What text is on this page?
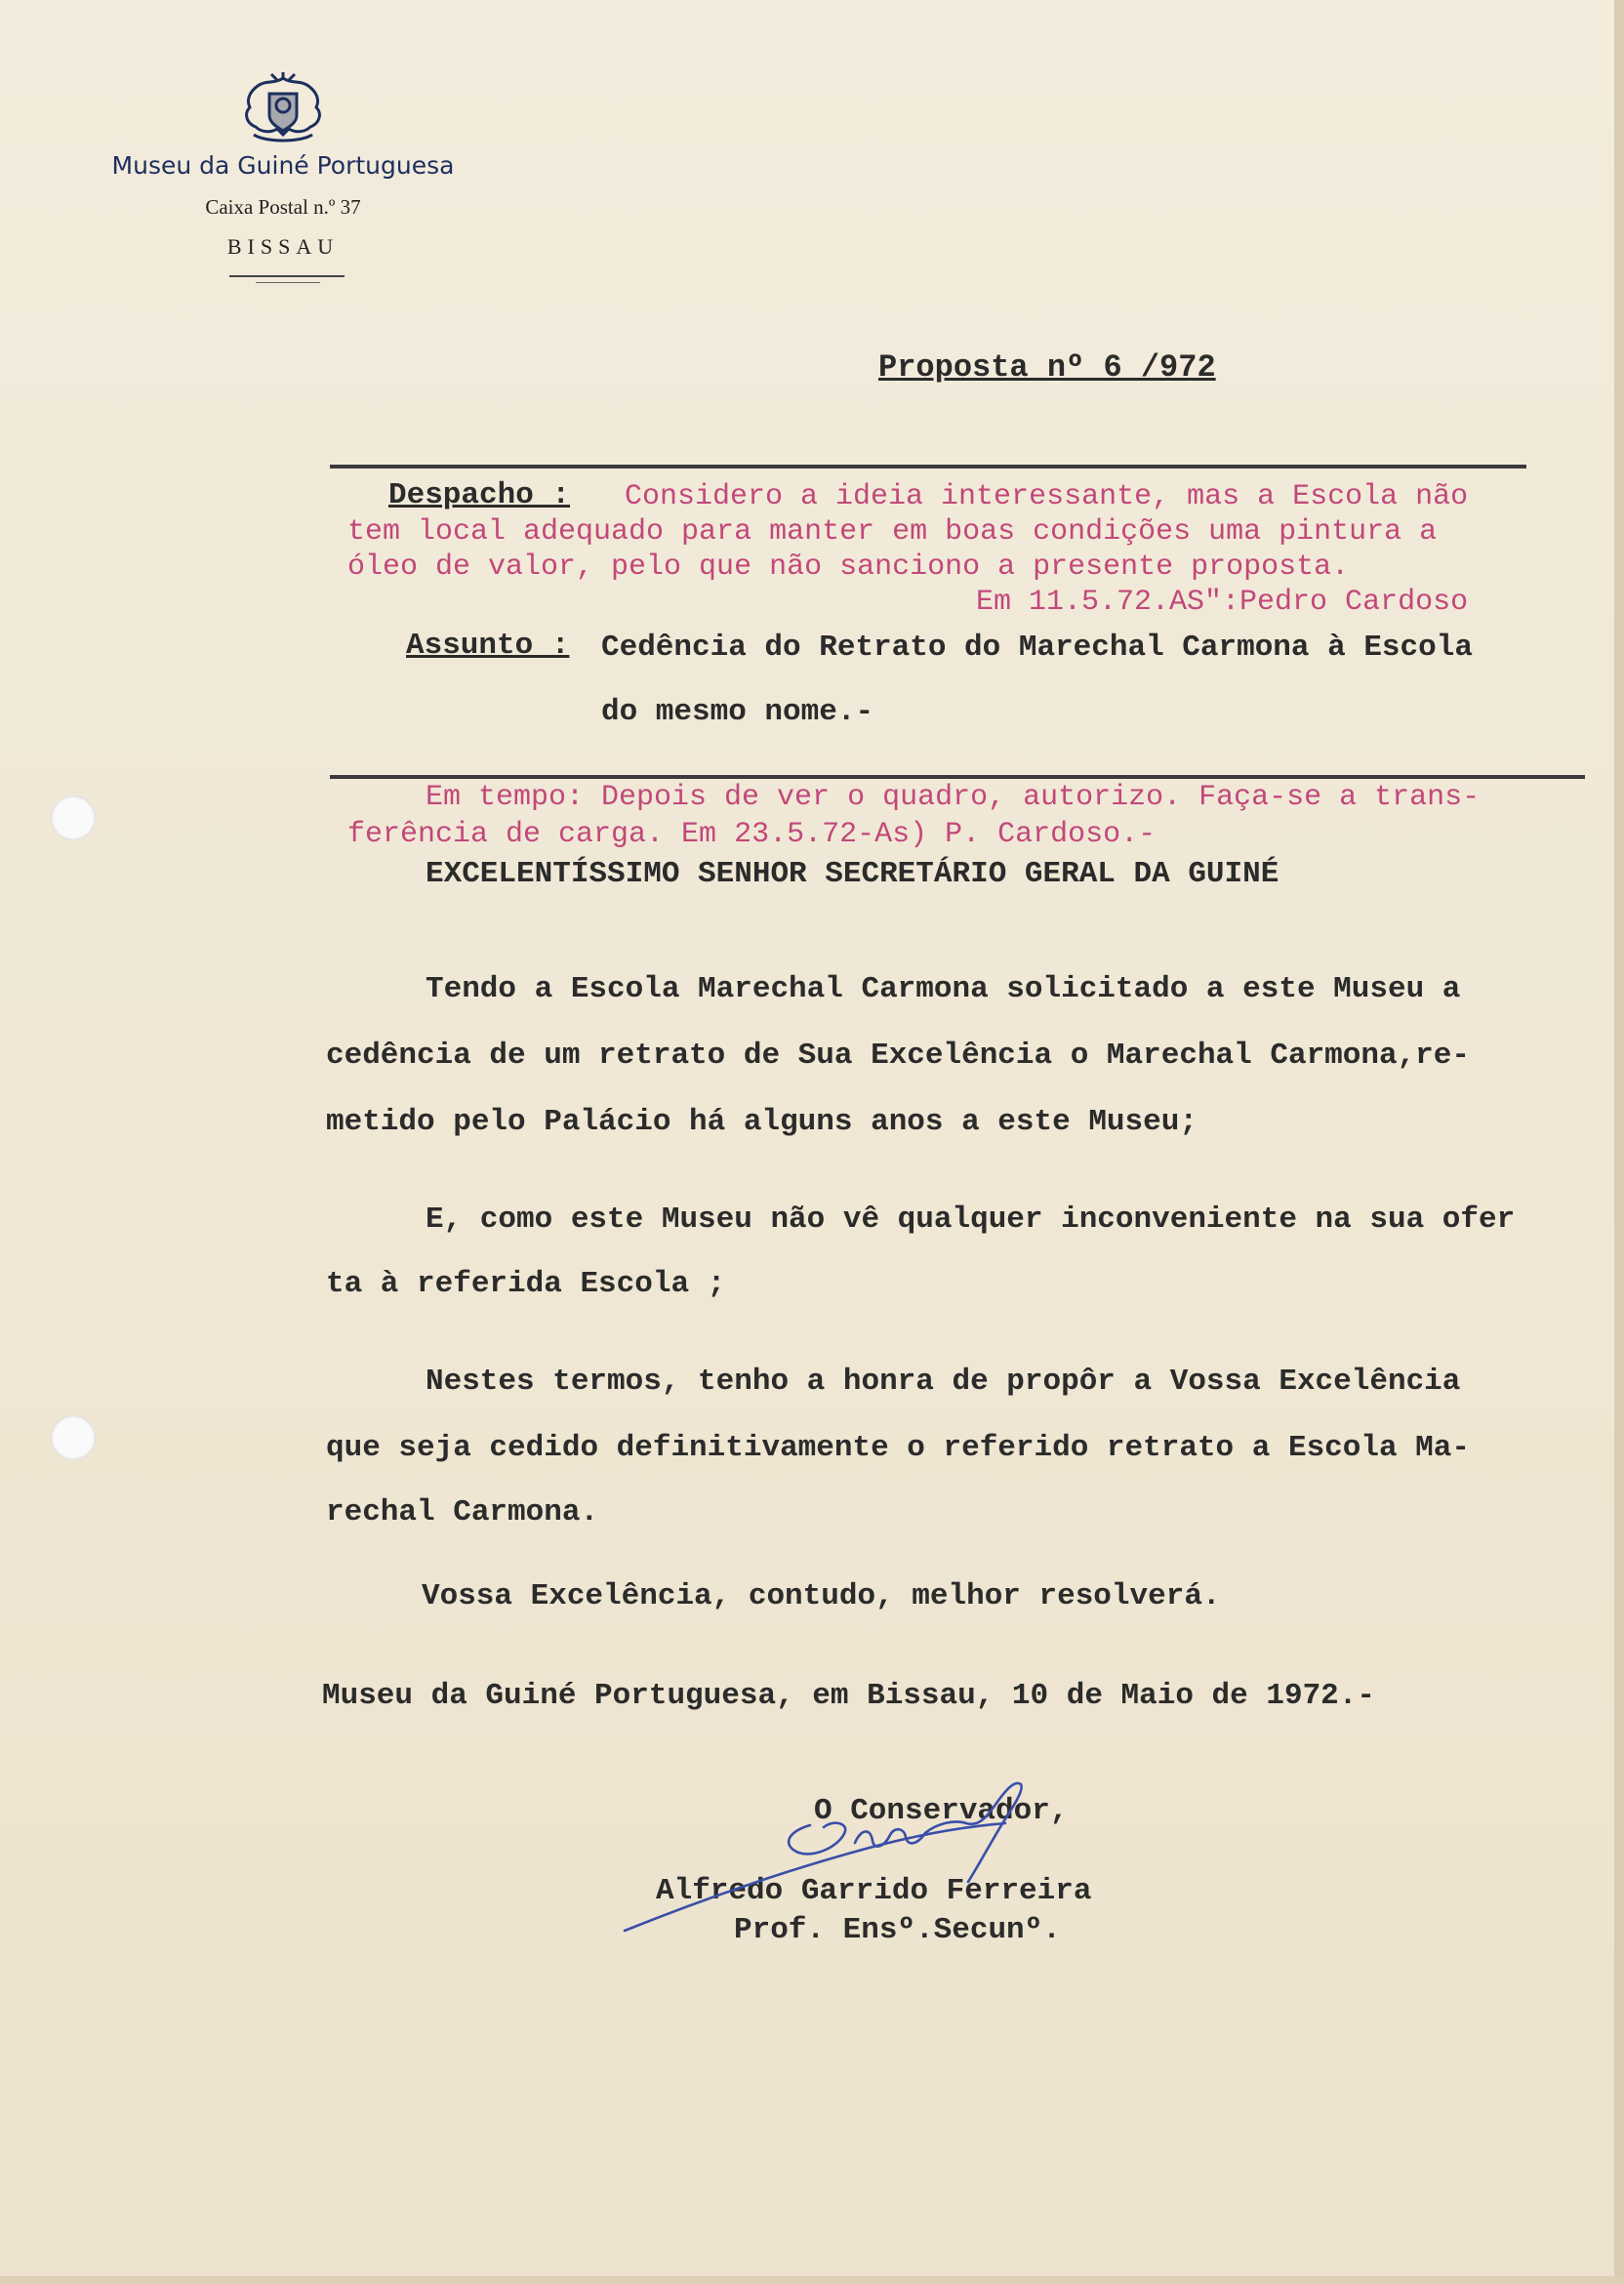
Museu da Guiné Portuguesa
Caixa Postal n.º 37
BISSAU
Proposta nº 6 /972
Despacho : Considero a ideia interessante, mas a Escola não
tem local adequado para manter em boas condições uma pintura a
óleo de valor, pelo que não sanciono a presente proposta.
Em 11.5.72.AS":Pedro Cardoso
Assunto : Cedência do Retrato do Marechal Carmona à Escola
do mesmo nome.-
Em tempo: Depois de ver o quadro, autorizo. Faça-se a trans-
ferência de carga. Em 23.5.72-As) P. Cardoso.-
EXCELENTÍSSIMO SENHOR SECRETÁRIO GERAL DA GUINÉ
Tendo a Escola Marechal Carmona solicitado a este Museu a
cedência de um retrato de Sua Excelência o Marechal Carmona,re-
metido pelo Palácio há alguns anos a este Museu;
E, como este Museu não vê qualquer inconveniente na sua ofer
ta à referida Escola ;
Nestes termos, tenho a honra de propôr a Vossa Excelência
que seja cedido definitivamente o referido retrato a Escola Ma-
rechal Carmona.
Vossa Excelência, contudo, melhor resolverá.
Museu da Guiné Portuguesa, em Bissau, 10 de Maio de 1972.-
O Conservador,
Alfredo Garrido Ferreira
Prof. Ensº.Secunº.
